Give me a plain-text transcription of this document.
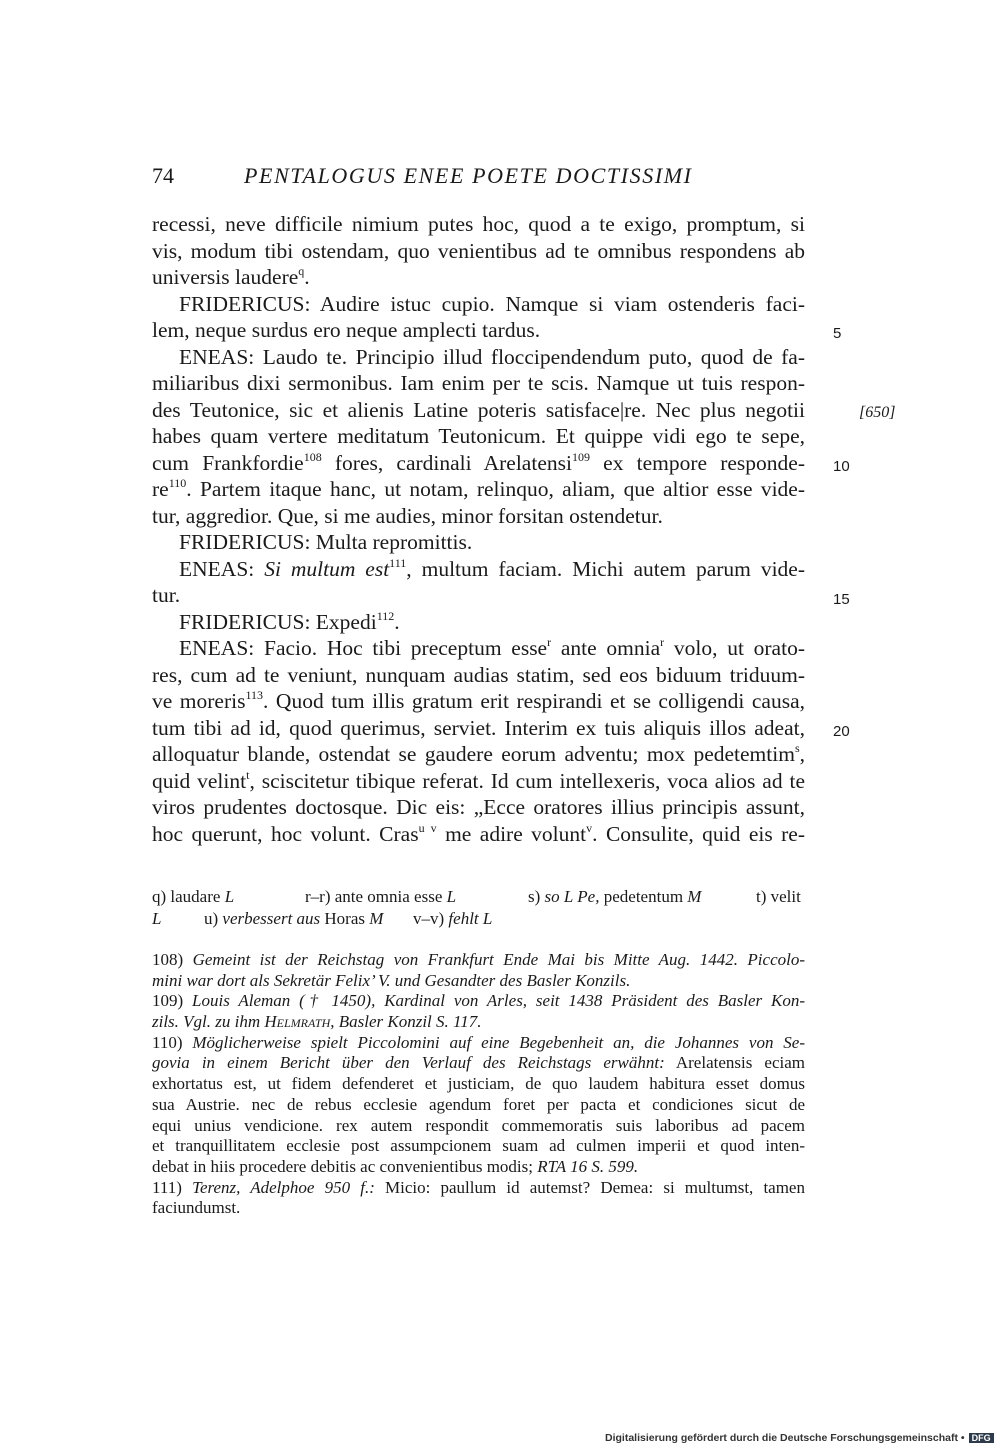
74	PENTALOGUS ENEE POETE DOCTISSIMI
recessi, neve difficile nimium putes hoc, quod a te exigo, promptum, si
vis, modum tibi ostendam, quo venientibus ad te omnibus respondens ab
universis laudere$^q$.
FRIDERICUS: Audire istuc cupio. Namque si viam ostenderis faci-
lem, neque surdus ero neque amplecti tardus.
ENEAS: Laudo te. Principio illud floccipendendum puto, quod de fa-
miliaribus dixi sermonibus. Iam enim per te scis. Namque ut tuis respon-
des Teutonice, sic et alienis Latine poteris satisface|re. Nec plus negotii
habes quam vertere meditatum Teutonicum. Et quippe vidi ego te sepe,
cum Frankfordie$^{108}$ fores, cardinali Arelatensi$^{109}$ ex tempore responde-
$re^{110}$. Partem itaque hanc, ut notam, relinquo, aliam, que altior esse vide-
tur, aggredior. Que, si me audies, minor forsitan ostendetur.
FRIDERICUS: Multa repromittis.
ENEAS: Si multum est$^{111}$, multum faciam. Michi autem parum vide-
tur.
FRIDERICUS: Expedi$^{112}$.
ENEAS: Facio. Hoc tibi preceptum esse$^r$ ante omnia$^r$ volo, ut orato-
res, cum ad te veniunt, nunquam audias statim, sed eos biduum triduum-
ve moreris$^{113}$. Quod tum illis gratum erit respirandi et se colligendi causa,
tum tibi ad id, quod querimus, serviet. Interim ex tuis aliquis illos adeat,
alloquatur blande, ostendat se gaudere eorum adventu; mox pedetemtim$^s$,
quid velint$^t$, sciscitetur tibique referat. Id cum intellexeris, voca alios ad te
viros prudentes doctosque. Dic eis: „Ecce oratores illius principis assunt,
hoc querunt, hoc volunt. Cras$^{u v}$ me adire volunt$^v$. Consulite, quid eis re-
5
10
15
20
[650]
q) laudare L	r–r) ante omnia esse L	s) so L Pe, pedetentum M	t) velit
L	u) verbessert aus Horas M v–v) fehlt L
108) Gemeint ist der Reichstag von Frankfurt Ende Mai bis Mitte Aug. 1442. Piccolo-
mini war dort als Sekretär Felix’ V. und Gesandter des Basler Konzils.
109) Louis Aleman († 1450), Kardinal von Arles, seit 1438 Präsident des Basler Kon-
zils. Vgl. zu ihm Helmrath, Basler Konzil S. 117.
110) Möglicherweise spielt Piccolomini auf eine Begebenheit an, die Johannes von Se-
govia in einem Bericht über den Verlauf des Reichstags erwähnt: Arelatensis eciam
exhortatus est, ut fidem defenderet et justiciam, de quo laudem habitura esset domus
sua Austrie. nec de rebus ecclesie agendum foret per pacta et condiciones sicut de
equi unius vendicione. rex autem respondit commemoratis suis laboribus ad pacem
et tranquillitatem ecclesie post assumpcionem suam ad culmen imperii et quod inten-
debat in hiis procedere debitis ac convenientibus modis; RTA 16 S. 599.
111) Terenz, Adelphoe 950 f.: Micio: paullum id autemst? Demea: si multumst, tamen
faciundumst.
Digitalisierung gefördert durch die Deutsche Forschungsgemeinschaft • DFG
